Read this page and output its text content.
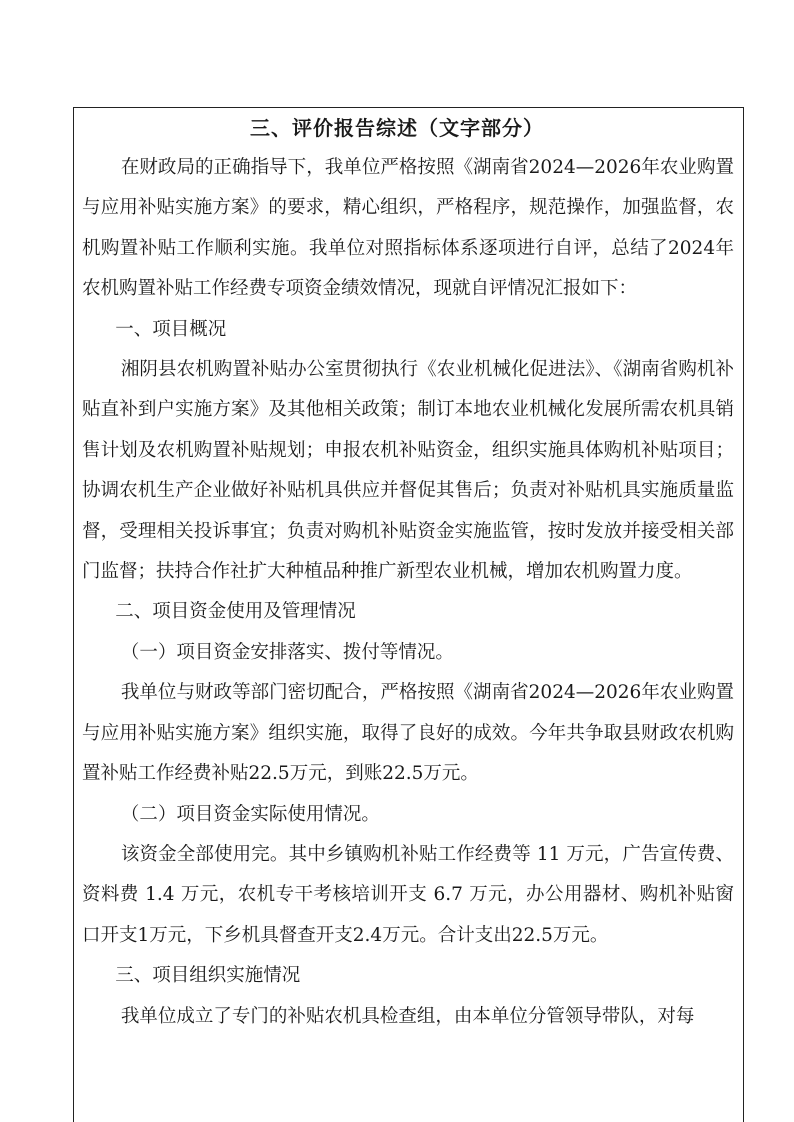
三、评价报告综述（文字部分）

在财政局的正确指导下，我单位严格按照《湖南省2024—2026年农业购置与应用补贴实施方案》的要求，精心组织，严格程序，规范操作，加强监督，农机购置补贴工作顺利实施。我单位对照指标体系逐项进行自评，总结了2024年农机购置补贴工作经费专项资金绩效情况，现就自评情况汇报如下：

一、项目概况

湘阴县农机购置补贴办公室贯彻执行《农业机械化促进法》、《湖南省购机补贴直补到户实施方案》及其他相关政策；制订本地农业机械化发展所需农机具销售计划及农机购置补贴规划；申报农机补贴资金，组织实施具体购机补贴项目；协调农机生产企业做好补贴机具供应并督促其售后；负责对补贴机具实施质量监督，受理相关投诉事宜；负责对购机补贴资金实施监管，按时发放并接受相关部门监督；扶持合作社扩大种植品种推广新型农业机械，增加农机购置力度。

二、项目资金使用及管理情况

（一）项目资金安排落实、拨付等情况。

我单位与财政等部门密切配合，严格按照《湖南省2024—2026年农业购置与应用补贴实施方案》组织实施，取得了良好的成效。今年共争取县财政农机购置补贴工作经费补贴22.5万元，到账22.5万元。

（二）项目资金实际使用情况。

该资金全部使用完。其中乡镇购机补贴工作经费等 11 万元，广告宣传费、资料费 1.4 万元，农机专干考核培训开支 6.7 万元，办公用器材、购机补贴窗口开支1万元，下乡机具督查开支2.4万元。合计支出22.5万元。

三、项目组织实施情况

我单位成立了专门的补贴农机具检查组，由本单位分管领导带队，对每
